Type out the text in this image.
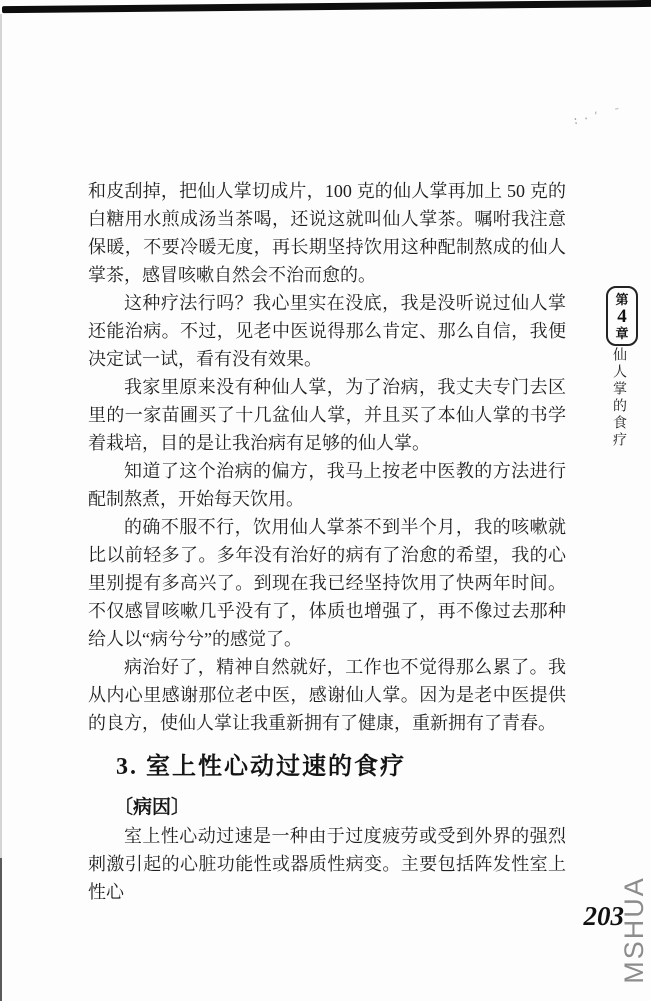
:·ʹ ˉ
第
4
章
仙人掌的食疗

和皮刮掉，把仙人掌切成片，100 克的仙人掌再加上 50 克的白糖用水煎成汤当茶喝，还说这就叫仙人掌茶。嘱咐我注意保暖，不要冷暖无度，再长期坚持饮用这种配制熬成的仙人掌茶，感冒咳嗽自然会不治而愈的。

这种疗法行吗？我心里实在没底，我是没听说过仙人掌还能治病。不过，见老中医说得那么肯定、那么自信，我便决定试一试，看有没有效果。

我家里原来没有种仙人掌，为了治病，我丈夫专门去区里的一家苗圃买了十几盆仙人掌，并且买了本仙人掌的书学着栽培，目的是让我治病有足够的仙人掌。

知道了这个治病的偏方，我马上按老中医教的方法进行配制熬煮，开始每天饮用。

的确不服不行，饮用仙人掌茶不到半个月，我的咳嗽就比以前轻多了。多年没有治好的病有了治愈的希望，我的心里别提有多高兴了。到现在我已经坚持饮用了快两年时间。不仅感冒咳嗽几乎没有了，体质也增强了，再不像过去那种给人以“病兮兮”的感觉了。

病治好了，精神自然就好，工作也不觉得那么累了。我从内心里感谢那位老中医，感谢仙人掌。因为是老中医提供的良方，使仙人掌让我重新拥有了健康，重新拥有了青春。

3. 室上性心动过速的食疗
〔病因〕

室上性心动过速是一种由于过度疲劳或受到外界的强烈刺激引起的心脏功能性或器质性病变。主要包括阵发性室上性心

203
MSHUA
